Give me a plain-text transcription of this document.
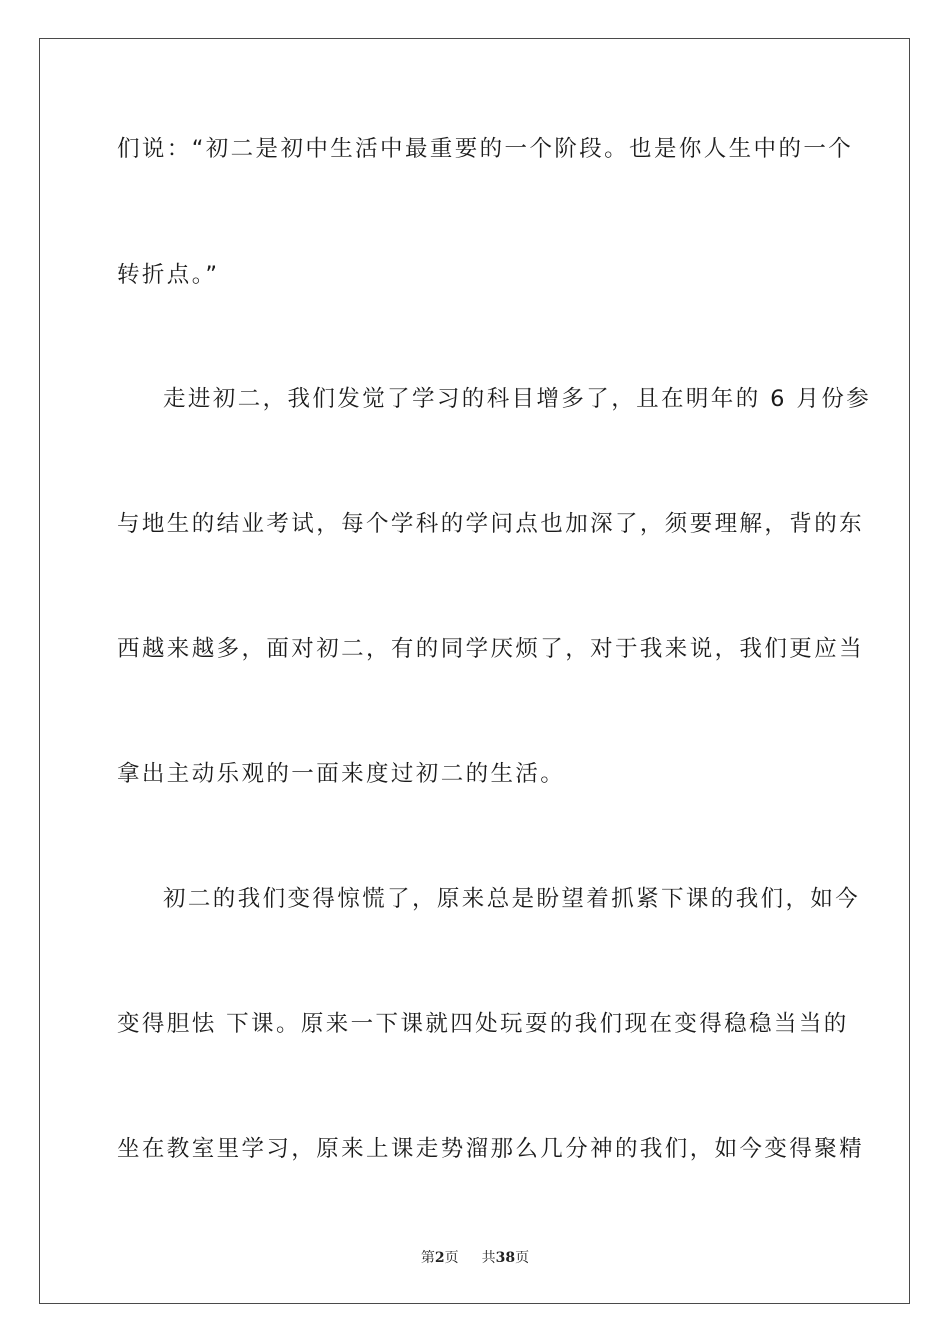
们说：“初二是初中生活中最重要的一个阶段。也是你人生中的一个
转折点。”
走进初二，我们发觉了学习的科目增多了，且在明年的 6 月份参
与地生的结业考试，每个学科的学问点也加深了，须要理解，背的东
西越来越多，面对初二，有的同学厌烦了，对于我来说，我们更应当
拿出主动乐观的一面来度过初二的生活。
初二的我们变得惊慌了，原来总是盼望着抓紧下课的我们，如今
变得胆怯 下课。原来一下课就四处玩耍的我们现在变得稳稳当当的
坐在教室里学习，原来上课走势溜那么几分神的我们，如今变得聚精
第2页 共38页
